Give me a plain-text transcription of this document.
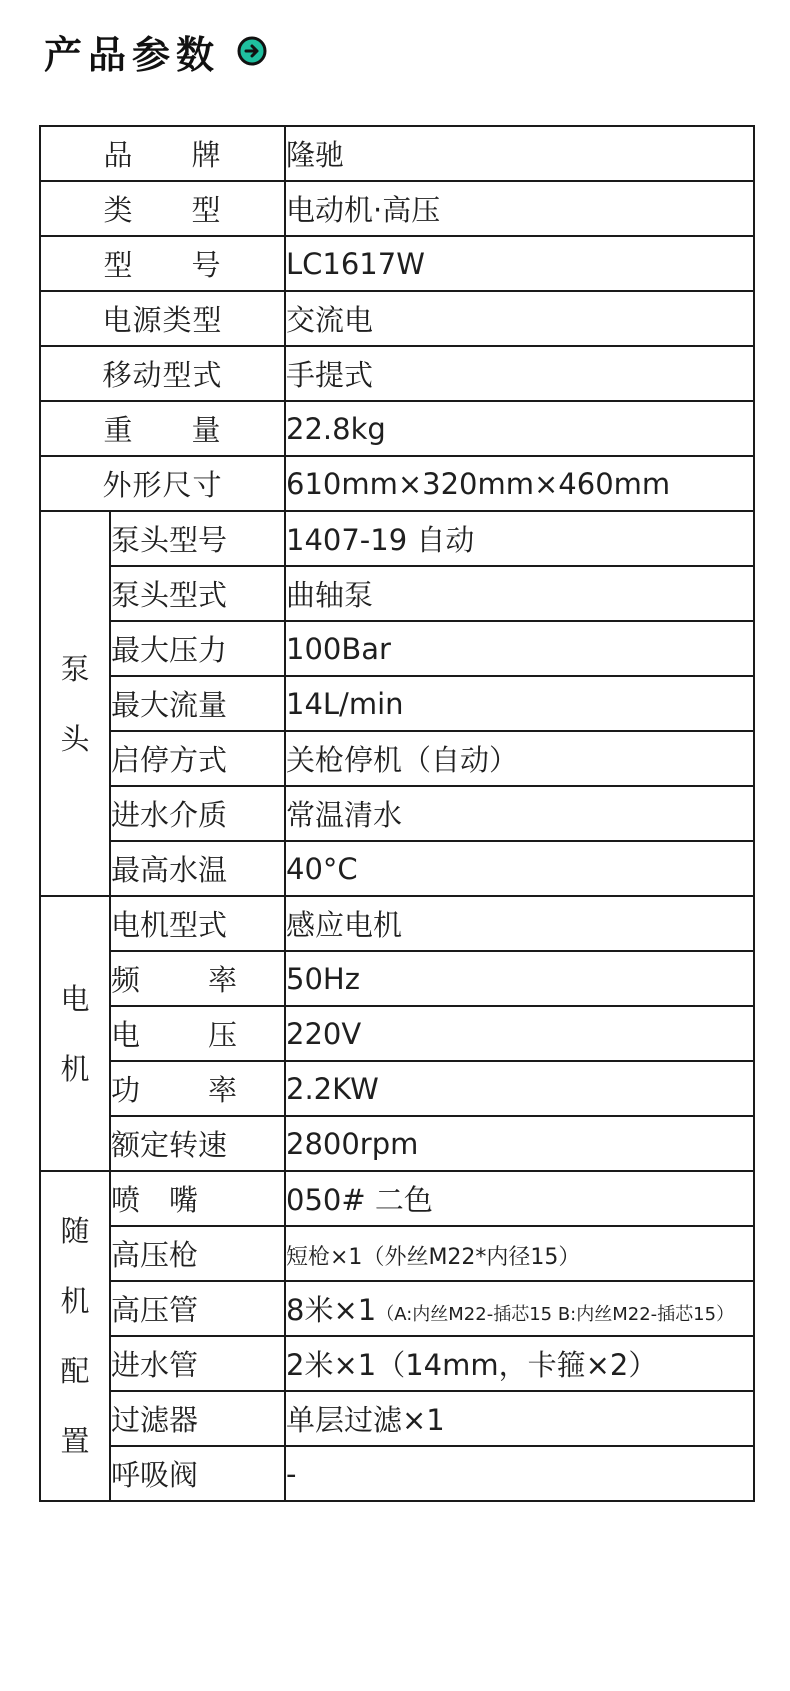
产品参数
品 牌		隆驰

类 型		电动机·高压

型 号		LC1617W
电源类型		交流电
移动型式		手提式

重 量		22.8kg
外形尺寸		610mm×320mm×460mm
泵
头	泵头型号	1407-19 自动
	泵头型式	曲轴泵
	最大压力	100Bar
	最大流量	14L/min
	启停方式	关枪停机（自动）
	进水介质	常温清水
	最高水温	40°C
电
机	电机型式	感应电机

	频 率	50Hz

	电 压	220V

	功 率	2.2KW
	额定转速	2800rpm
随
机
配
置	喷　嘴	050# 二色
	高压枪	短枪×1（外丝M22*内径15）
	高压管	8米×1（A:内丝M22-插芯15 B:内丝M22-插芯15）
	进水管	2米×1（14mm，卡箍×2）
	过滤器	单层过滤×1
	呼吸阀	-
